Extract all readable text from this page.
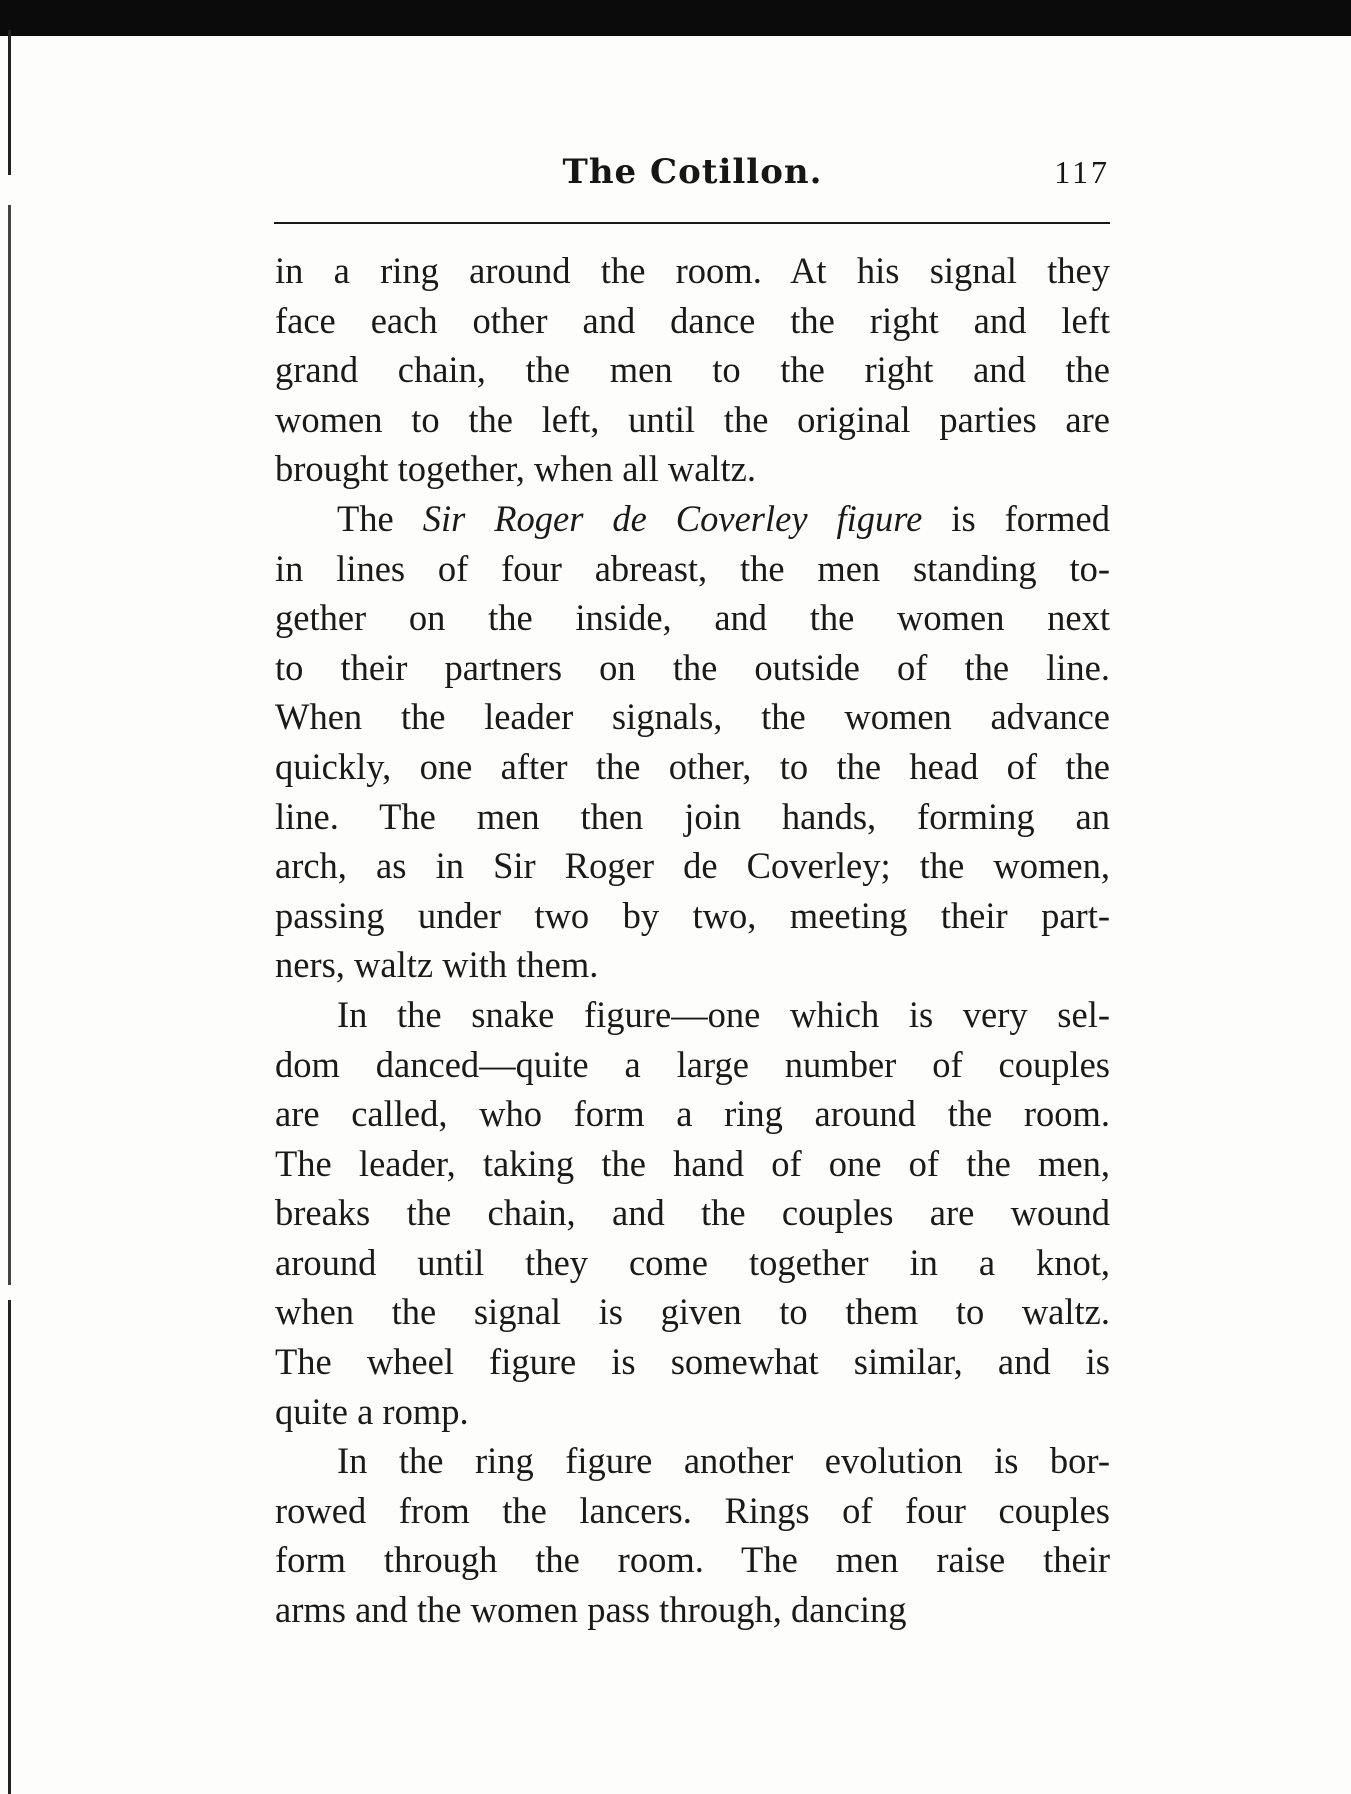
The Cotillon.	117
in a ring around the room. At his signal they
face each other and dance the right and left
grand chain, the men to the right and the
women to the left, until the original parties are
brought together, when all waltz.
The Sir Roger de Coverley figure is formed
in lines of four abreast, the men standing to-
gether on the inside, and the women next
to their partners on the outside of the line.
When the leader signals, the women advance
quickly, one after the other, to the head of the
line. The men then join hands, forming an
arch, as in Sir Roger de Coverley; the women,
passing under two by two, meeting their part-
ners, waltz with them.
In the snake figure—one which is very sel-
dom danced—quite a large number of couples
are called, who form a ring around the room.
The leader, taking the hand of one of the men,
breaks the chain, and the couples are wound
around until they come together in a knot,
when the signal is given to them to waltz.
The wheel figure is somewhat similar, and is
quite a romp.
In the ring figure another evolution is bor-
rowed from the lancers. Rings of four couples
form through the room. The men raise their
arms and the women pass through, dancing
